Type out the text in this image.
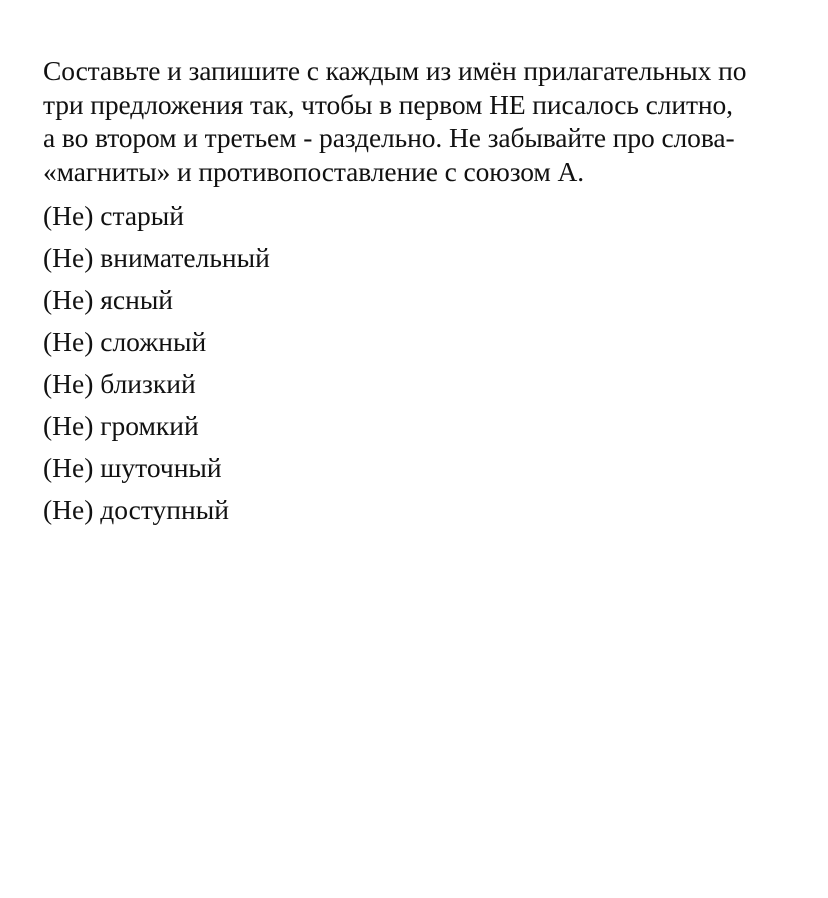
Составьте и запишите с каждым из имён прилагательных по
три предложения так, чтобы в первом НЕ писалось слитно,
а во втором и третьем - раздельно. Не забывайте про слова-
«магниты» и противопоставление с союзом А.

(Не) старый
(Не) внимательный
(Не) ясный
(Не) сложный
(Не) близкий
(Не) громкий
(Не) шуточный
(Не) доступный
